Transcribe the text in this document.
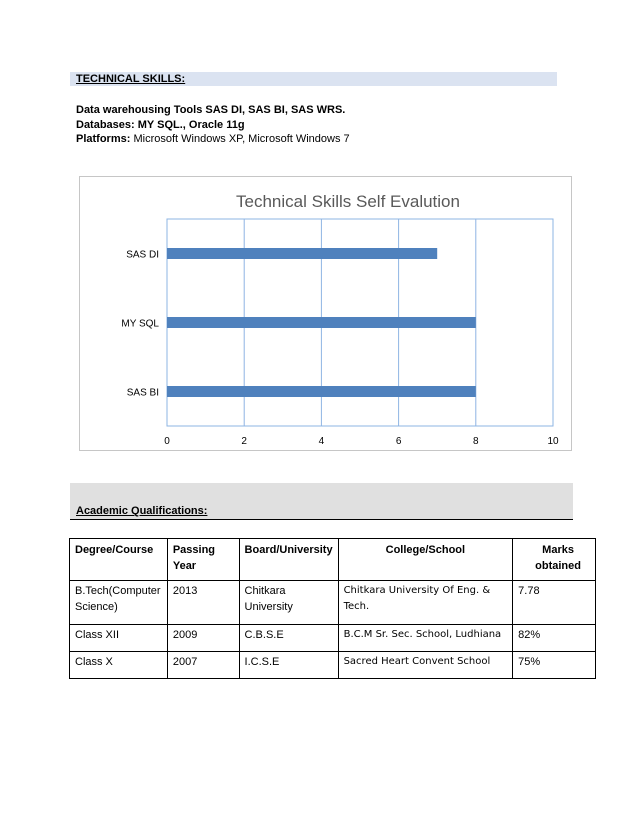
TECHNICAL SKILLS:
Data warehousing Tools SAS DI, SAS BI, SAS WRS.
Databases: MY SQL., Oracle 11g
Platforms: Microsoft Windows XP, Microsoft Windows 7
Technical Skills Self Evalution
SAS DI
MY SQL
SAS BI
0	2	4	6	8	10
Academic Qualifications:
Degree/Course	Passing Year	Board/University	College/School	Marks obtained
B.Tech(Computer Science)	2013	Chitkara University	Chitkara University Of Eng. & Tech.	7.78
Class XII	2009	C.B.S.E	B.C.M Sr. Sec. School, Ludhiana	82%
Class X	2007	I.C.S.E	Sacred Heart Convent School	75%
